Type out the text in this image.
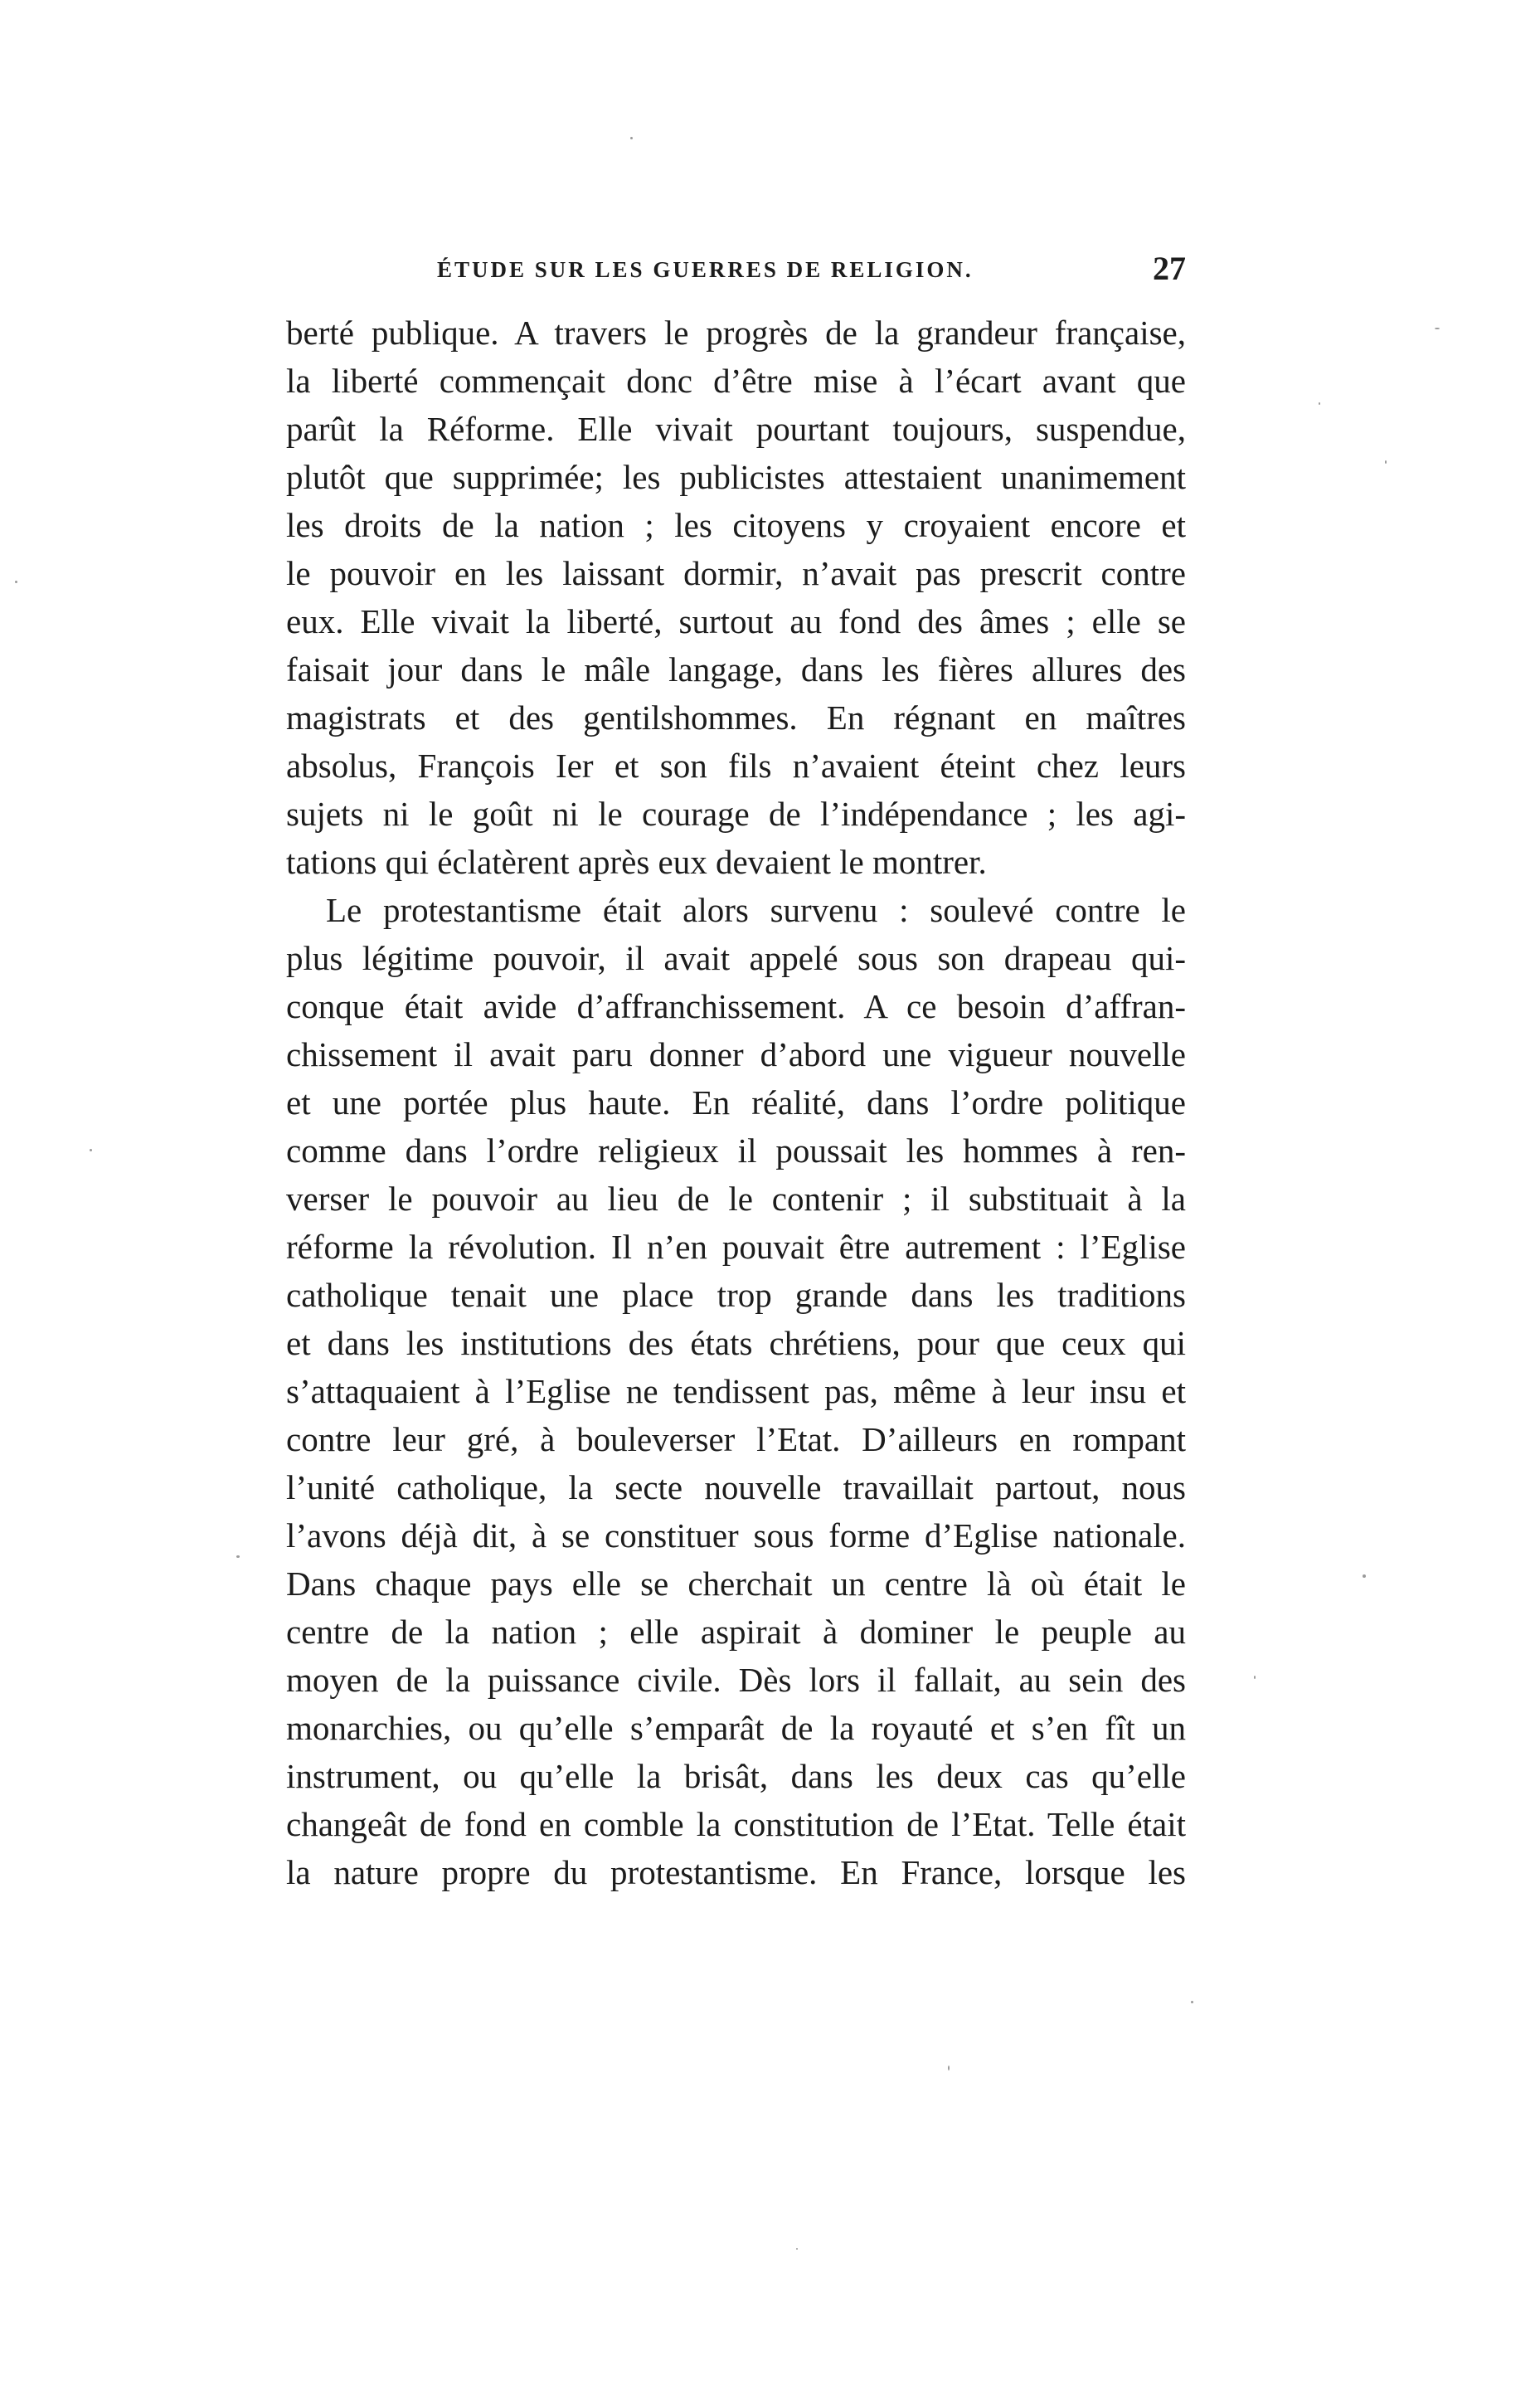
ÉTUDE SUR LES GUERRES DE RELIGION.	27
berté publique. A travers le progrès de la grandeur française,
la liberté commençait donc d’être mise à l’écart avant que
parût la Réforme. Elle vivait pourtant toujours, suspendue,
plutôt que supprimée; les publicistes attestaient unanimement
les droits de la nation ; les citoyens y croyaient encore et
le pouvoir en les laissant dormir, n’avait pas prescrit contre
eux. Elle vivait la liberté, surtout au fond des âmes ; elle se
faisait jour dans le mâle langage, dans les fières allures des
magistrats et des gentilshommes. En régnant en maîtres
absolus, François Ier et son fils n’avaient éteint chez leurs
sujets ni le goût ni le courage de l’indépendance ; les agi-
tations qui éclatèrent après eux devaient le montrer.
Le protestantisme était alors survenu : soulevé contre le
plus légitime pouvoir, il avait appelé sous son drapeau qui-
conque était avide d’affranchissement. A ce besoin d’affran-
chissement il avait paru donner d’abord une vigueur nouvelle
et une portée plus haute. En réalité, dans l’ordre politique
comme dans l’ordre religieux il poussait les hommes à ren-
verser le pouvoir au lieu de le contenir ; il substituait à la
réforme la révolution. Il n’en pouvait être autrement : l’Eglise
catholique tenait une place trop grande dans les traditions
et dans les institutions des états chrétiens, pour que ceux qui
s’attaquaient à l’Eglise ne tendissent pas, même à leur insu et
contre leur gré, à bouleverser l’Etat. D’ailleurs en rompant
l’unité catholique, la secte nouvelle travaillait partout, nous
l’avons déjà dit, à se constituer sous forme d’Eglise nationale.
Dans chaque pays elle se cherchait un centre là où était le
centre de la nation ; elle aspirait à dominer le peuple au
moyen de la puissance civile. Dès lors il fallait, au sein des
monarchies, ou qu’elle s’emparât de la royauté et s’en fît un
instrument, ou qu’elle la brisât, dans les deux cas qu’elle
changeât de fond en comble la constitution de l’Etat. Telle était
la nature propre du protestantisme. En France, lorsque les
